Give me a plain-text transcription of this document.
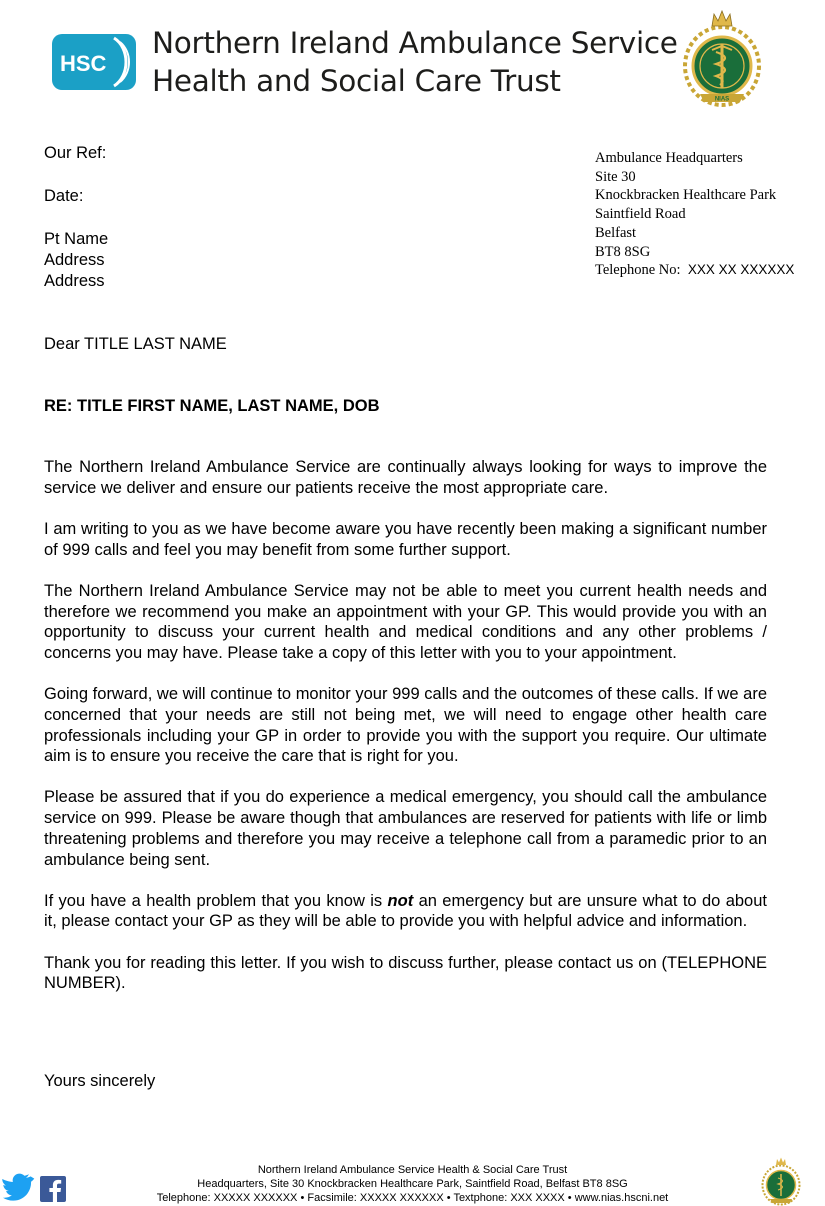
HSC
Northern Ireland Ambulance Service
Health and Social Care Trust
NIAS
Our Ref:
Date:
Pt Name
Address
Address
Ambulance Headquarters
Site 30
Knockbracken Healthcare Park
Saintfield Road
Belfast
BT8 8SG
Telephone No: XXX XX XXXXXX
Dear TITLE LAST NAME
RE: TITLE FIRST NAME, LAST NAME, DOB

The Northern Ireland Ambulance Service are continually always looking for ways to improve the service we deliver and ensure our patients receive the most appropriate care.

I am writing to you as we have become aware you have recently been making a significant number of 999 calls and feel you may benefit from some further support.

The Northern Ireland Ambulance Service may not be able to meet you current health needs and therefore we recommend you make an appointment with your GP. This would provide you with an opportunity to discuss your current health and medical conditions and any other problems / concerns you may have. Please take a copy of this letter with you to your appointment.

Going forward, we will continue to monitor your 999 calls and the outcomes of these calls. If we are concerned that your needs are still not being met, we will need to engage other health care professionals including your GP in order to provide you with the support you require. Our ultimate aim is to ensure you receive the care that is right for you.

Please be assured that if you do experience a medical emergency, you should call the ambulance service on 999. Please be aware though that ambulances are reserved for patients with life or limb threatening problems and therefore you may receive a telephone call from a paramedic prior to an ambulance being sent.

If you have a health problem that you know is not an emergency but are unsure what to do about it, please contact your GP as they will be able to provide you with helpful advice and information.

Thank you for reading this letter. If you wish to discuss further, please contact us on (TELEPHONE NUMBER).

Yours sincerely
Northern Ireland Ambulance Service Health & Social Care Trust
Headquarters, Site 30 Knockbracken Healthcare Park, Saintfield Road, Belfast BT8 8SG
Telephone: XXXXX XXXXXX • Facsimile: XXXXX XXXXXX • Textphone: XXX XXXX • www.nias.hscni.net
